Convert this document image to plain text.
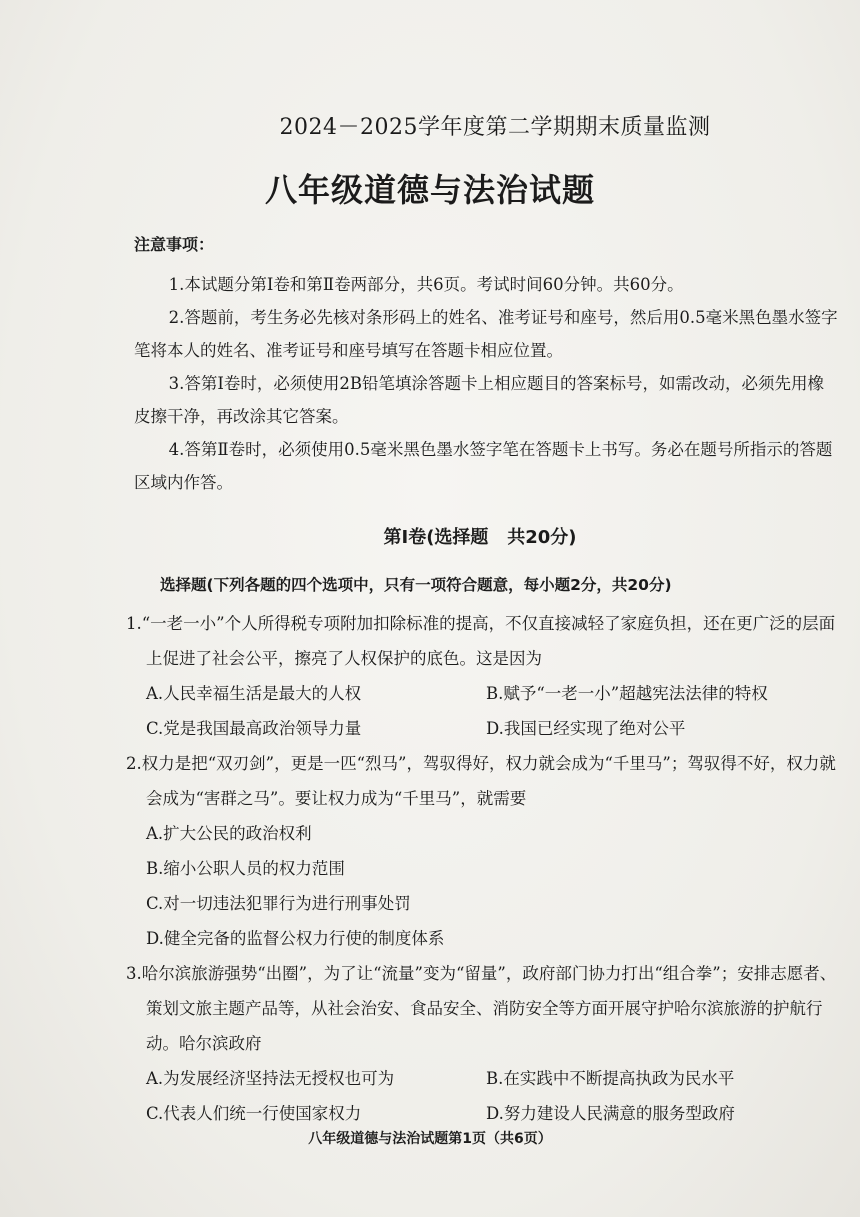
2024－2025学年度第二学期期末质量监测
八年级道德与法治试题
注意事项：

1.本试题分第Ⅰ卷和第Ⅱ卷两部分，共6页。考试时间60分钟。共60分。

2.答题前，考生务必先核对条形码上的姓名、准考证号和座号，然后用0.5毫米黑色墨水签字笔将本人的姓名、准考证号和座号填写在答题卡相应位置。

3.答第Ⅰ卷时，必须使用2B铅笔填涂答题卡上相应题目的答案标号，如需改动，必须先用橡皮擦干净，再改涂其它答案。

4.答第Ⅱ卷时，必须使用0.5毫米黑色墨水签字笔在答题卡上书写。务必在题号所指示的答题区域内作答。

第Ⅰ卷(选择题   共20分)
选择题(下列各题的四个选项中，只有一项符合题意，每小题2分，共20分)

1.“一老一小”个人所得税专项附加扣除标准的提高，不仅直接减轻了家庭负担，还在更广泛的层面上促进了社会公平，擦亮了人权保护的底色。这是因为

A.人民幸福生活是最大的人权	B.赋予“一老一小”超越宪法法律的特权
C.党是我国最高政治领导力量	D.我国已经实现了绝对公平

2.权力是把“双刃剑”，更是一匹“烈马”，驾驭得好，权力就会成为“千里马”；驾驭得不好，权力就会成为“害群之马”。要让权力成为“千里马”，就需要

A.扩大公民的政治权利
B.缩小公职人员的权力范围
C.对一切违法犯罪行为进行刑事处罚
D.健全完备的监督公权力行使的制度体系

3.哈尔滨旅游强势“出圈”，为了让“流量”变为“留量”，政府部门协力打出“组合拳”；安排志愿者、策划文旅主题产品等，从社会治安、食品安全、消防安全等方面开展守护哈尔滨旅游的护航行动。哈尔滨政府

A.为发展经济坚持法无授权也可为	B.在实践中不断提高执政为民水平
C.代表人们统一行使国家权力	D.努力建设人民满意的服务型政府
八年级道德与法治试题第1页（共6页）
